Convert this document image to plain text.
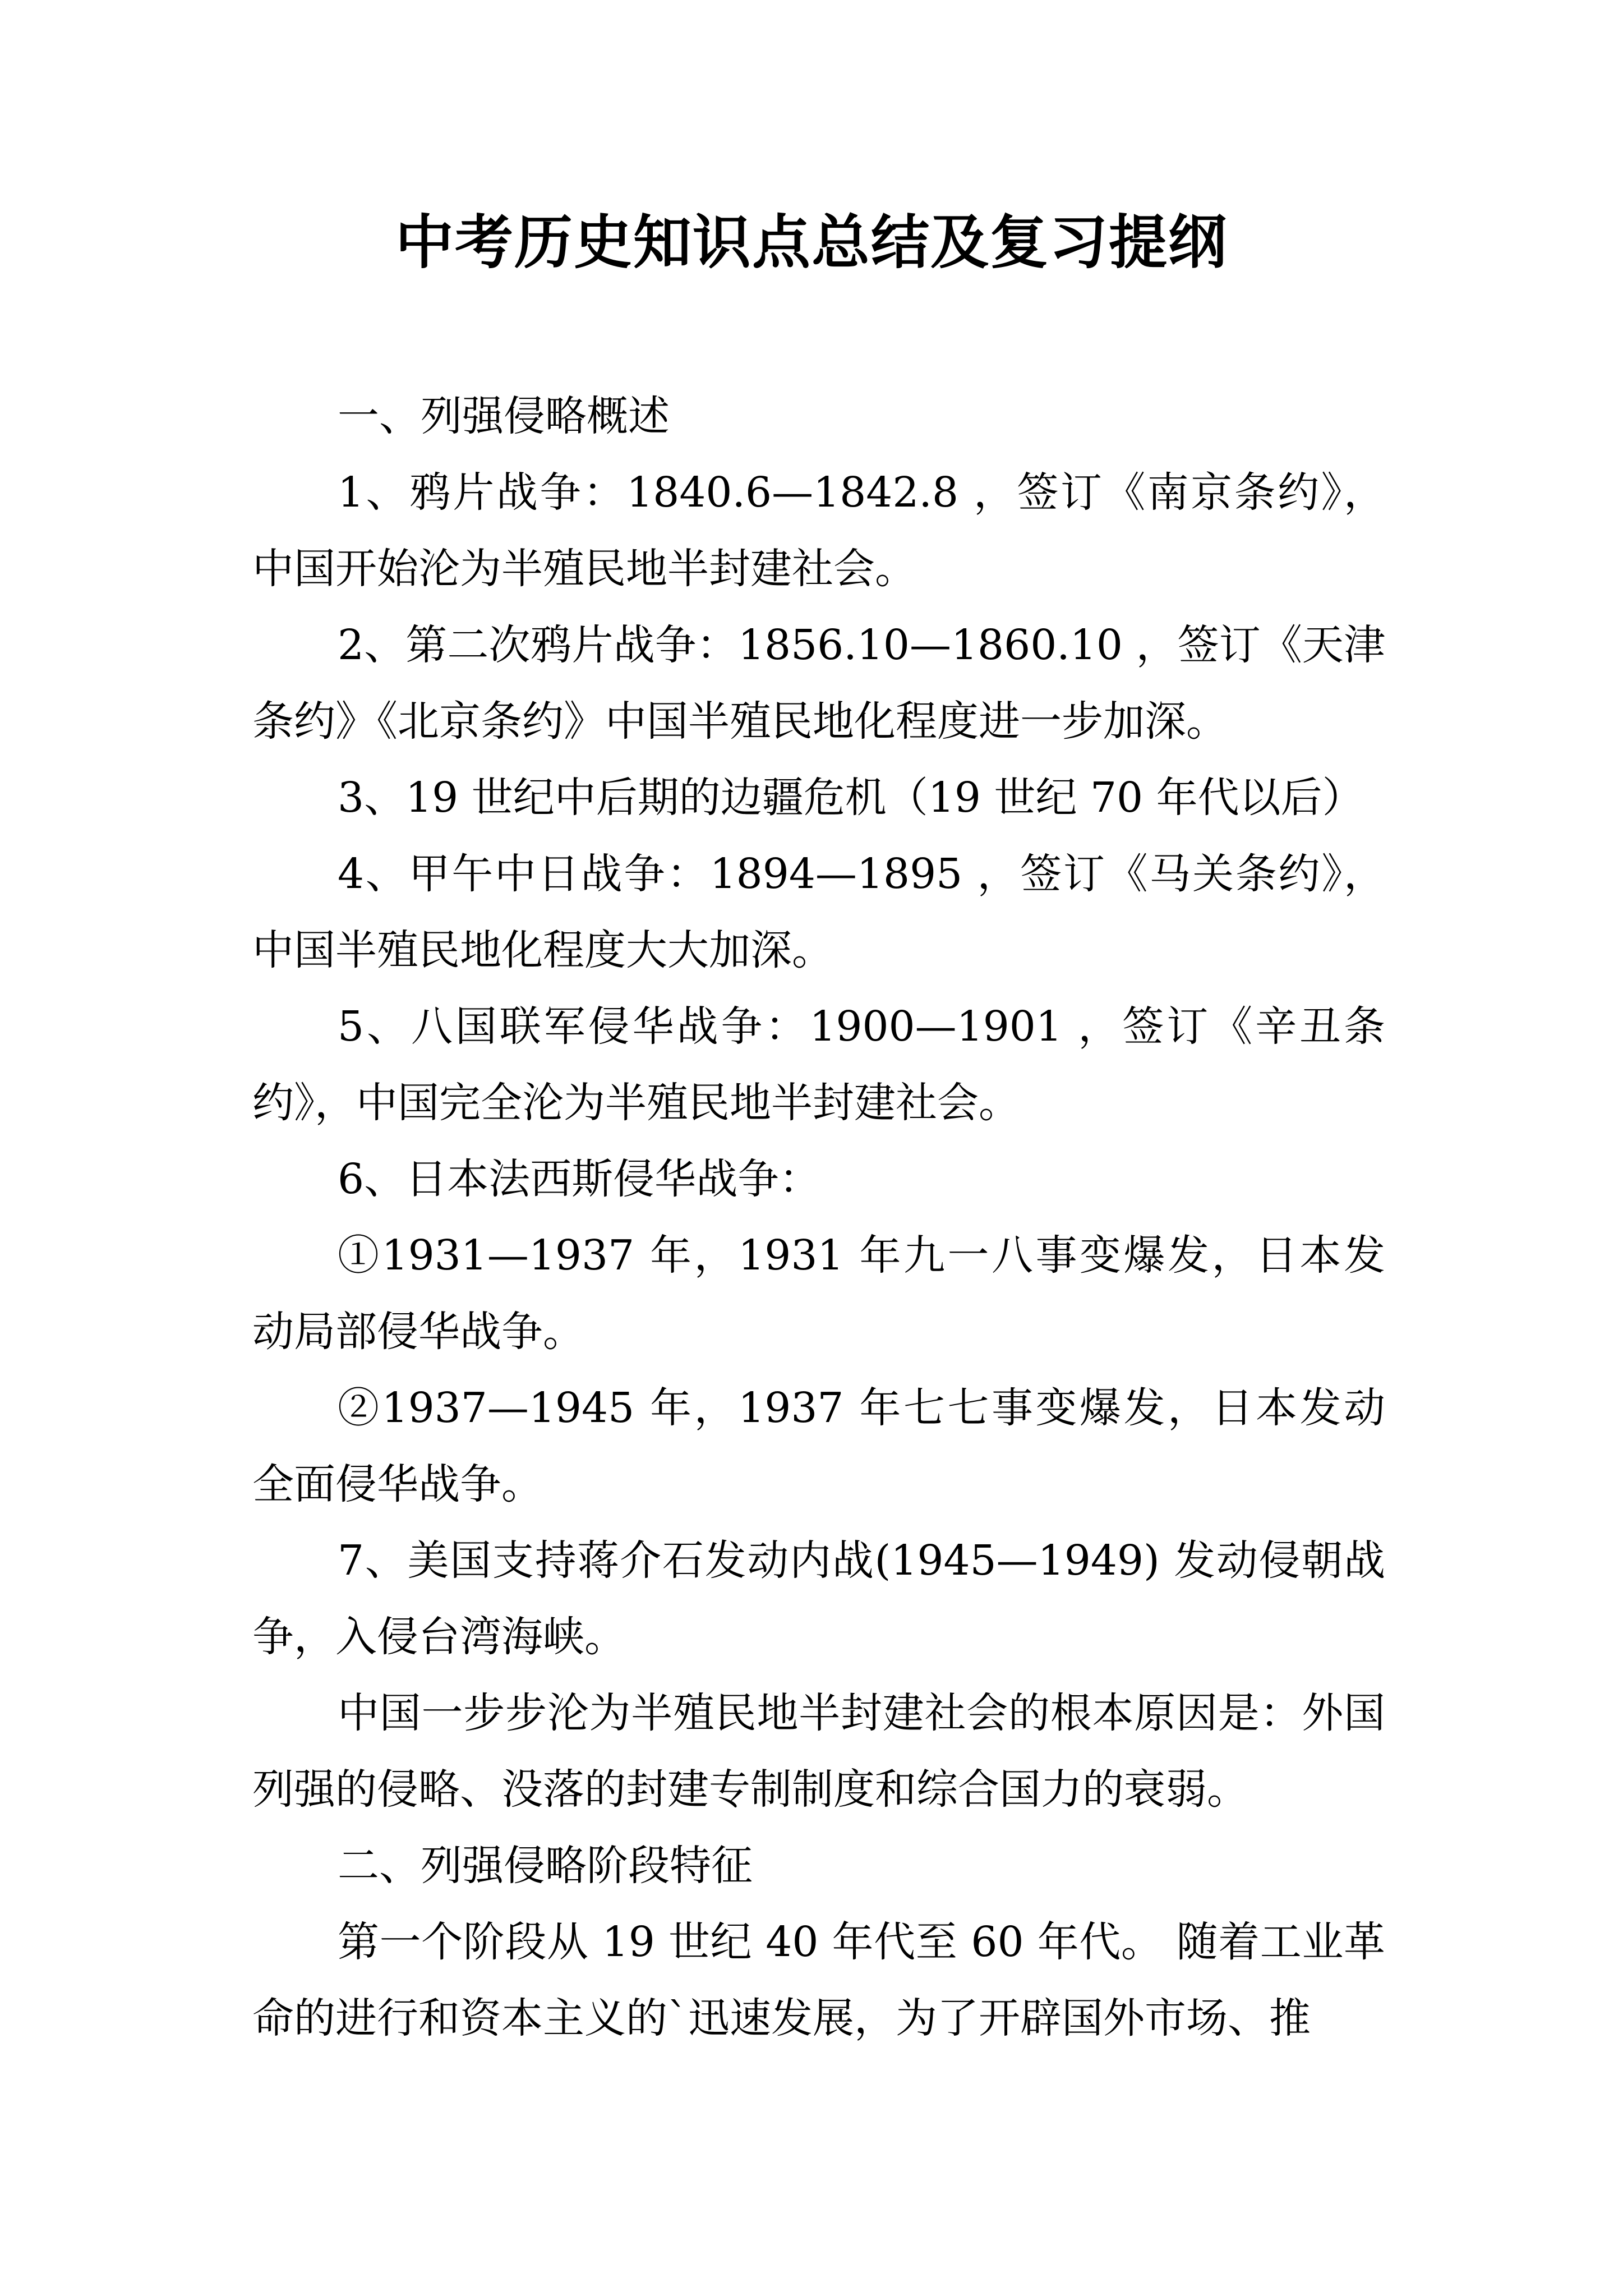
中考历史知识点总结及复习提纲

一、列强侵略概述

1、鸦片战争：1840.6—1842.8 ，签订《南京条约》，中国开始沦为半殖民地半封建社会。

2、第二次鸦片战争：1856.10—1860.10 ，签订《天津条约》《北京条约》中国半殖民地化程度进一步加深。

3、19 世纪中后期的边疆危机（19 世纪 70 年代以后）

4、甲午中日战争：1894—1895 ，签订《马关条约》，中国半殖民地化程度大大加深。

5、八国联军侵华战争：1900—1901 ，签订《辛丑条约》，中国完全沦为半殖民地半封建社会。

6、日本法西斯侵华战争：

①1931—1937 年，1931 年九一八事变爆发，日本发动局部侵华战争。

②1937—1945 年，1937 年七七事变爆发，日本发动全面侵华战争。

7、美国支持蒋介石发动内战(1945—1949) 发动侵朝战争，入侵台湾海峡。

中国一步步沦为半殖民地半封建社会的根本原因是：外国列强的侵略、没落的封建专制制度和综合国力的衰弱。

二、列强侵略阶段特征

第一个阶段从 19 世纪 40 年代至 60 年代。 随着工业革命的进行和资本主义的`迅速发展，为了开辟国外市场、推
